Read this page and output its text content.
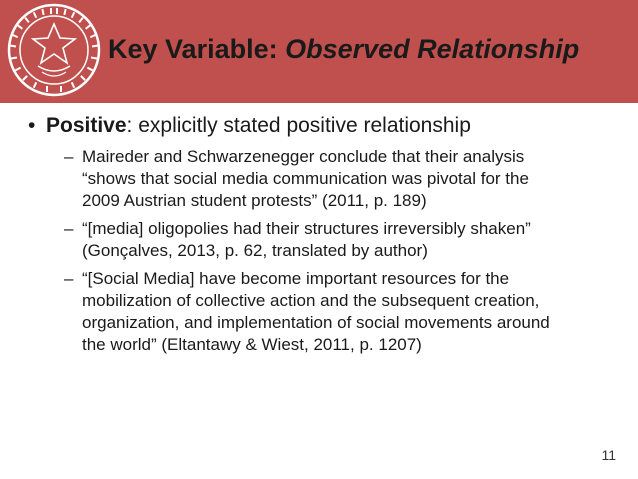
Key Variable: Observed Relationship
• Positive: explicitly stated positive relationship
– Maireder and Schwarzenegger conclude that their analysis “shows that social media communication was pivotal for the 2009 Austrian student protests” (2011, p. 189)
– “[media] oligopolies had their structures irreversibly shaken” (Gonçalves, 2013, p. 62, translated by author)
– “[Social Media] have become important resources for the mobilization of collective action and the subsequent creation, organization, and implementation of social movements around the world” (Eltantawy & Wiest, 2011, p. 1207)
11
